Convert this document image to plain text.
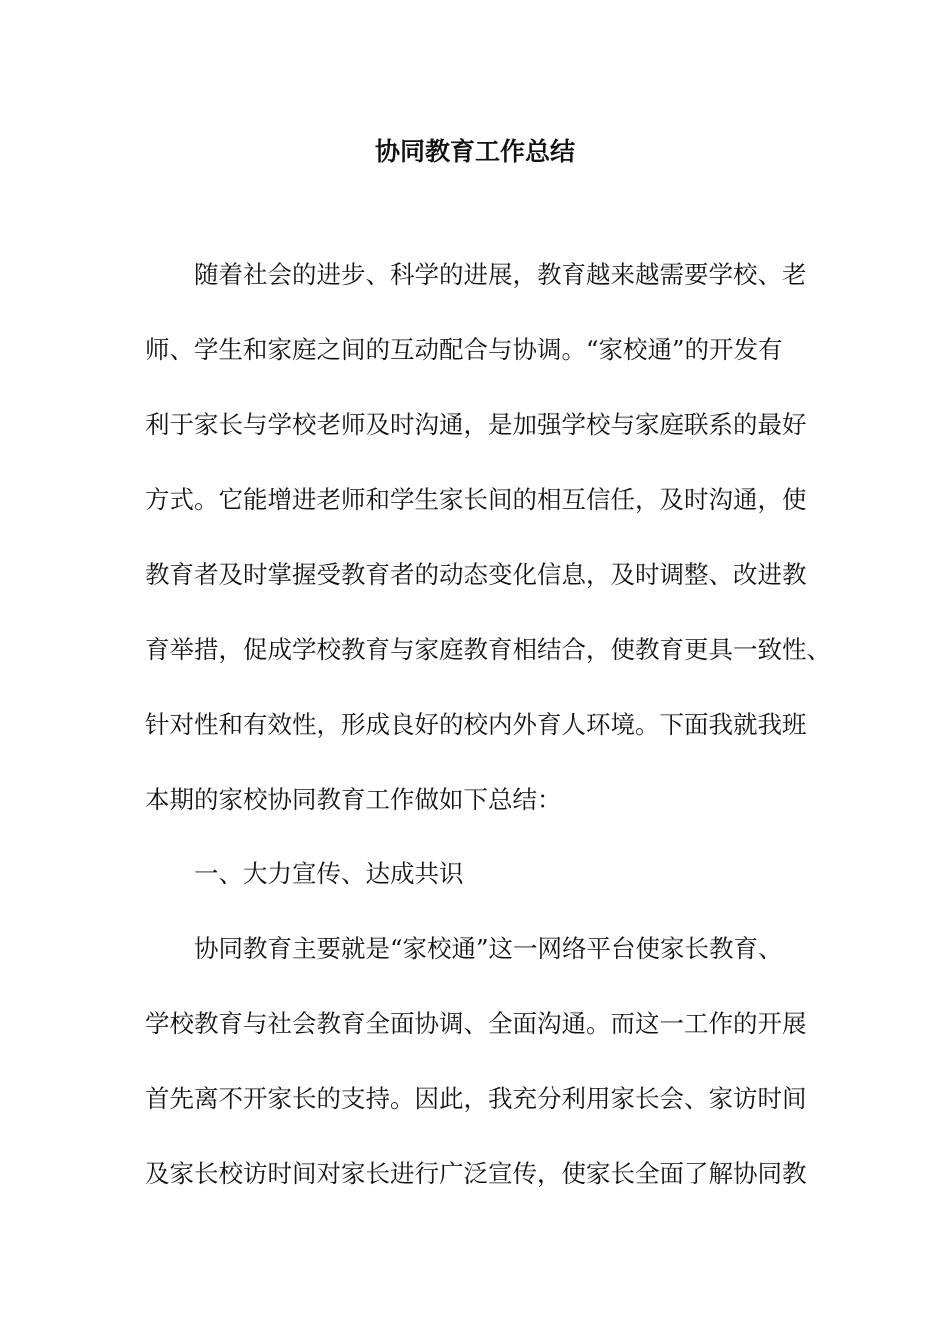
协同教育工作总结
　　随着社会的进步、科学的进展，教育越来越需要学校、老
师、学生和家庭之间的互动配合与协调。“家校通”的开发有
利于家长与学校老师及时沟通，是加强学校与家庭联系的最好
方式。它能增进老师和学生家长间的相互信任，及时沟通，使
教育者及时掌握受教育者的动态变化信息，及时调整、改进教
育举措，促成学校教育与家庭教育相结合，使教育更具一致性、
针对性和有效性，形成良好的校内外育人环境。下面我就我班
本期的家校协同教育工作做如下总结：
　　一、大力宣传、达成共识
　　协同教育主要就是“家校通”这一网络平台使家长教育、
学校教育与社会教育全面协调、全面沟通。而这一工作的开展
首先离不开家长的支持。因此，我充分利用家长会、家访时间
及家长校访时间对家长进行广泛宣传，使家长全面了解协同教
